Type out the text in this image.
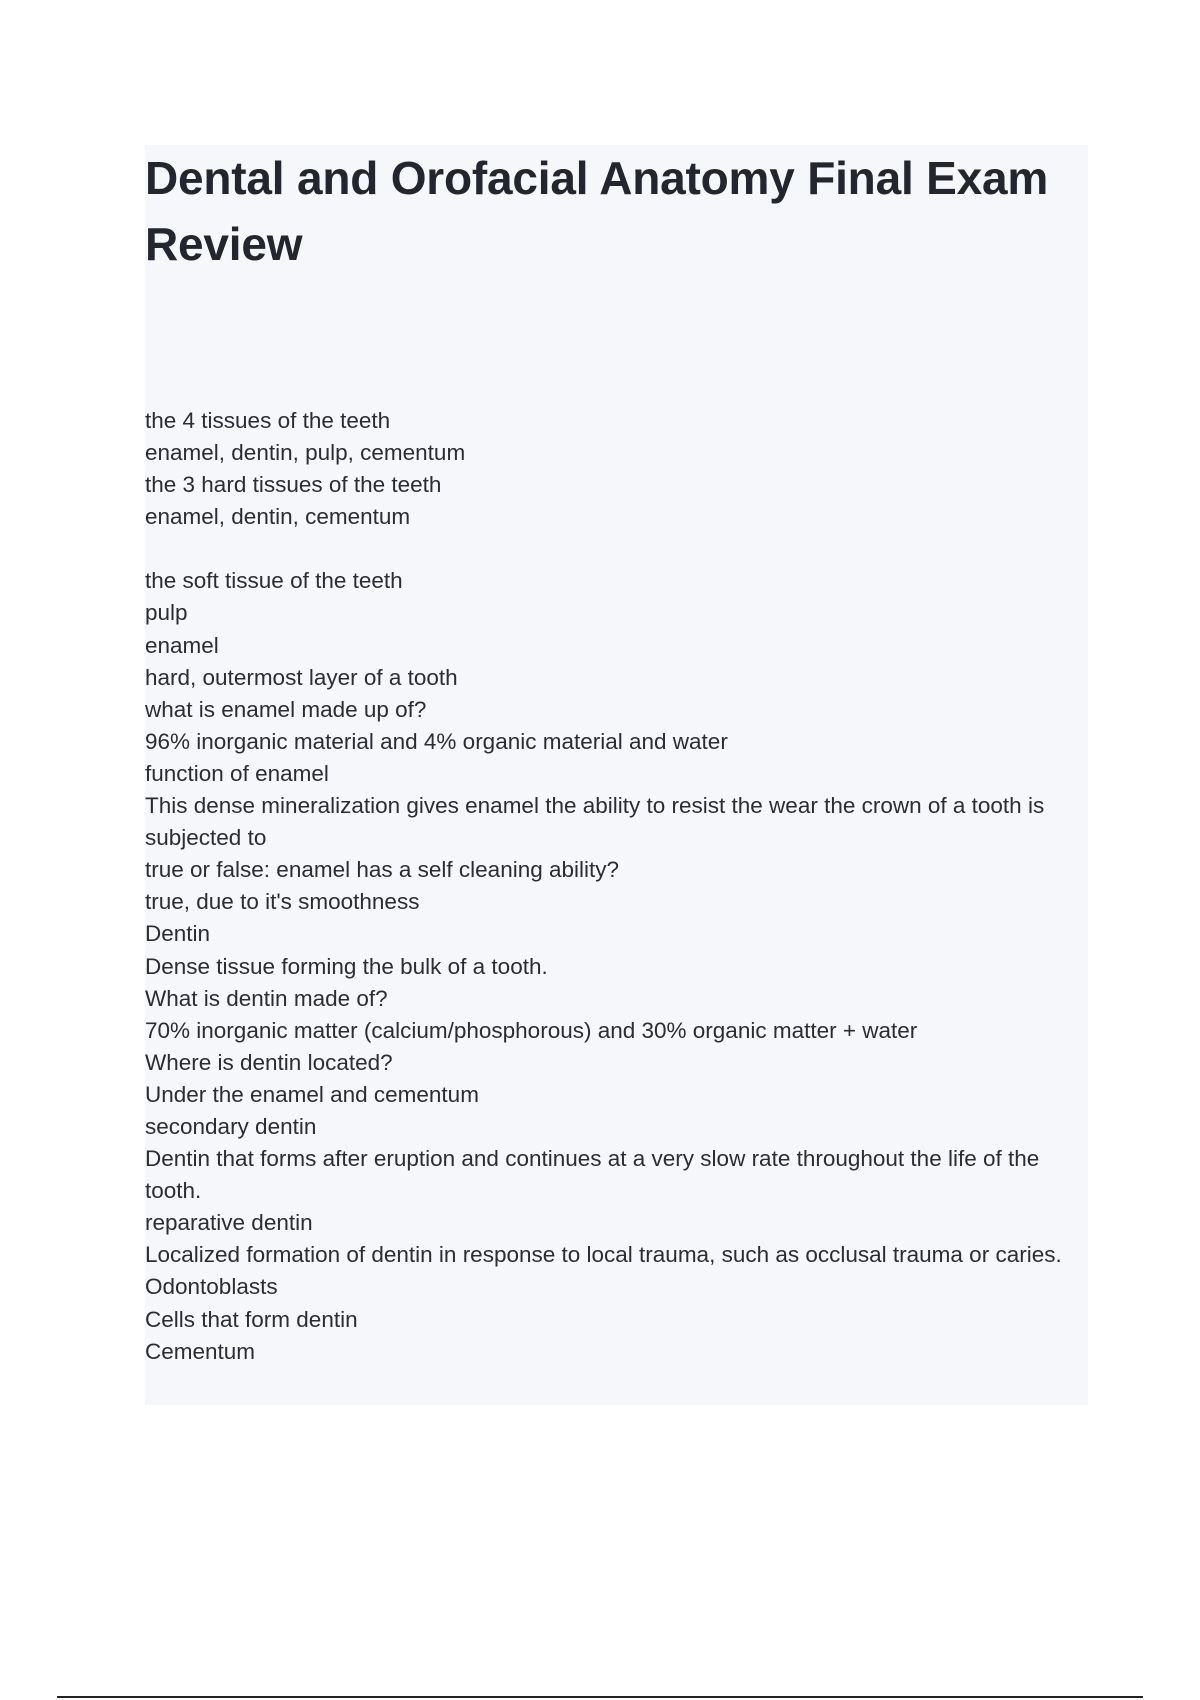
Dental and Orofacial Anatomy Final Exam Review
the 4 tissues of the teeth
enamel, dentin, pulp, cementum
the 3 hard tissues of the teeth
enamel, dentin, cementum
the soft tissue of the teeth
pulp
enamel
hard, outermost layer of a tooth
what is enamel made up of?
96% inorganic material and 4% organic material and water
function of enamel
This dense mineralization gives enamel the ability to resist the wear the crown of a tooth is subjected to
true or false: enamel has a self cleaning ability?
true, due to it's smoothness
Dentin
Dense tissue forming the bulk of a tooth.
What is dentin made of?
70% inorganic matter (calcium/phosphorous) and 30% organic matter + water
Where is dentin located?
Under the enamel and cementum
secondary dentin
Dentin that forms after eruption and continues at a very slow rate throughout the life of the tooth.
reparative dentin
Localized formation of dentin in response to local trauma, such as occlusal trauma or caries.
Odontoblasts
Cells that form dentin
Cementum
